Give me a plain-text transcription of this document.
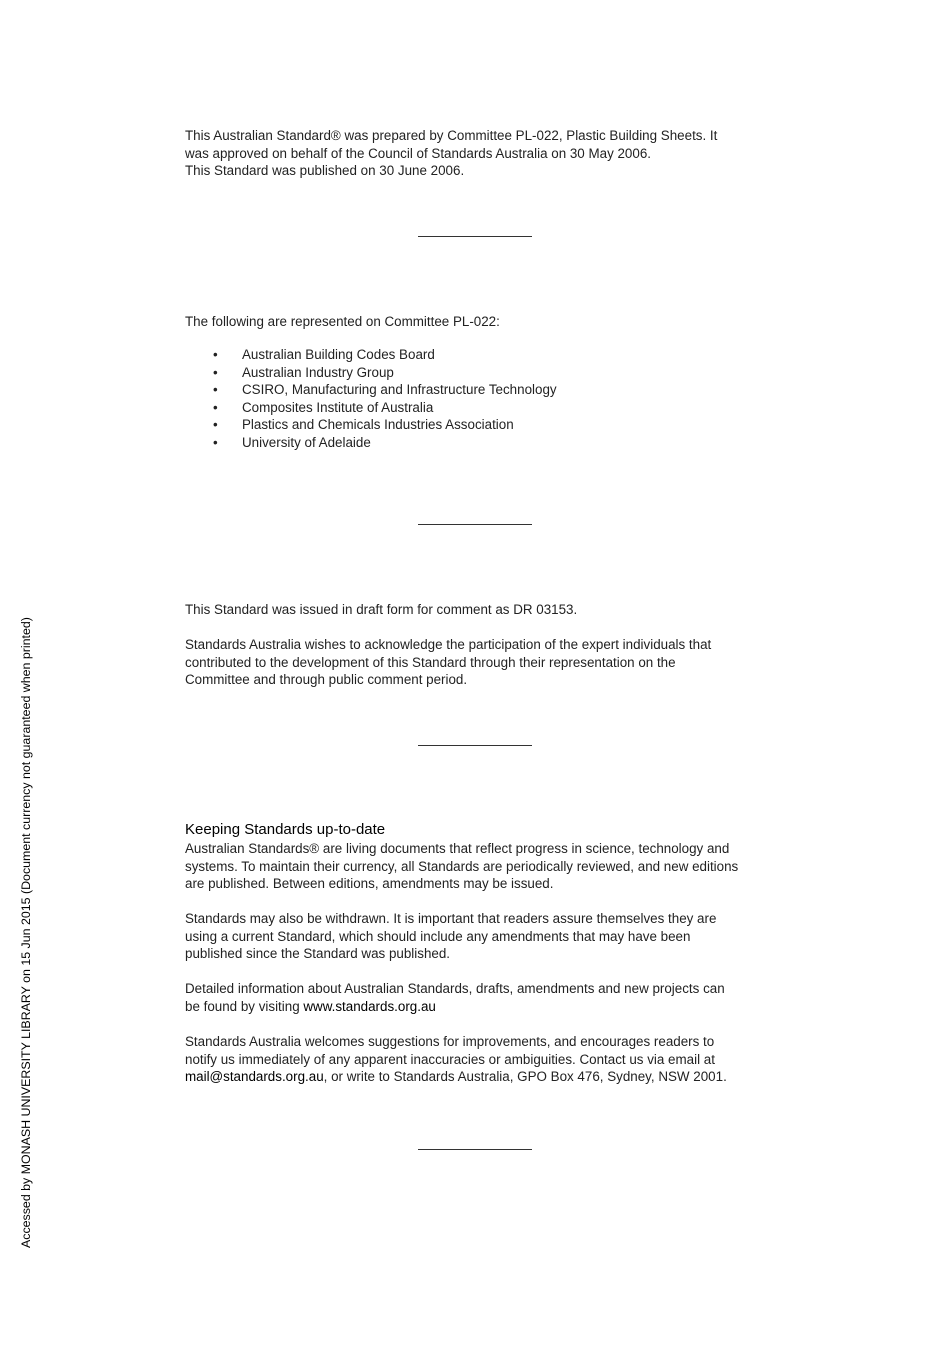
This Australian Standard® was prepared by Committee PL-022, Plastic Building Sheets. It
was approved on behalf of the Council of Standards Australia on 30 May 2006.
This Standard was published on 30 June 2006.

The following are represented on Committee PL-022:

• Australian Building Codes Board
• Australian Industry Group
• CSIRO, Manufacturing and Infrastructure Technology
• Composites Institute of Australia
• Plastics and Chemicals Industries Association
• University of Adelaide

This Standard was issued in draft form for comment as DR 03153.

Standards Australia wishes to acknowledge the participation of the expert individuals that
contributed to the development of this Standard through their representation on the
Committee and through public comment period.

Keeping Standards up-to-date

Australian Standards® are living documents that reflect progress in science, technology and
systems. To maintain their currency, all Standards are periodically reviewed, and new editions
are published. Between editions, amendments may be issued.

Standards may also be withdrawn. It is important that readers assure themselves they are
using a current Standard, which should include any amendments that may have been
published since the Standard was published.

Detailed information about Australian Standards, drafts, amendments and new projects can
be found by visiting www.standards.org.au

Standards Australia welcomes suggestions for improvements, and encourages readers to
notify us immediately of any apparent inaccuracies or ambiguities. Contact us via email at
mail@standards.org.au, or write to Standards Australia, GPO Box 476, Sydney, NSW 2001.

Accessed by MONASH UNIVERSITY LIBRARY on 15 Jun 2015 (Document currency not guaranteed when printed)
